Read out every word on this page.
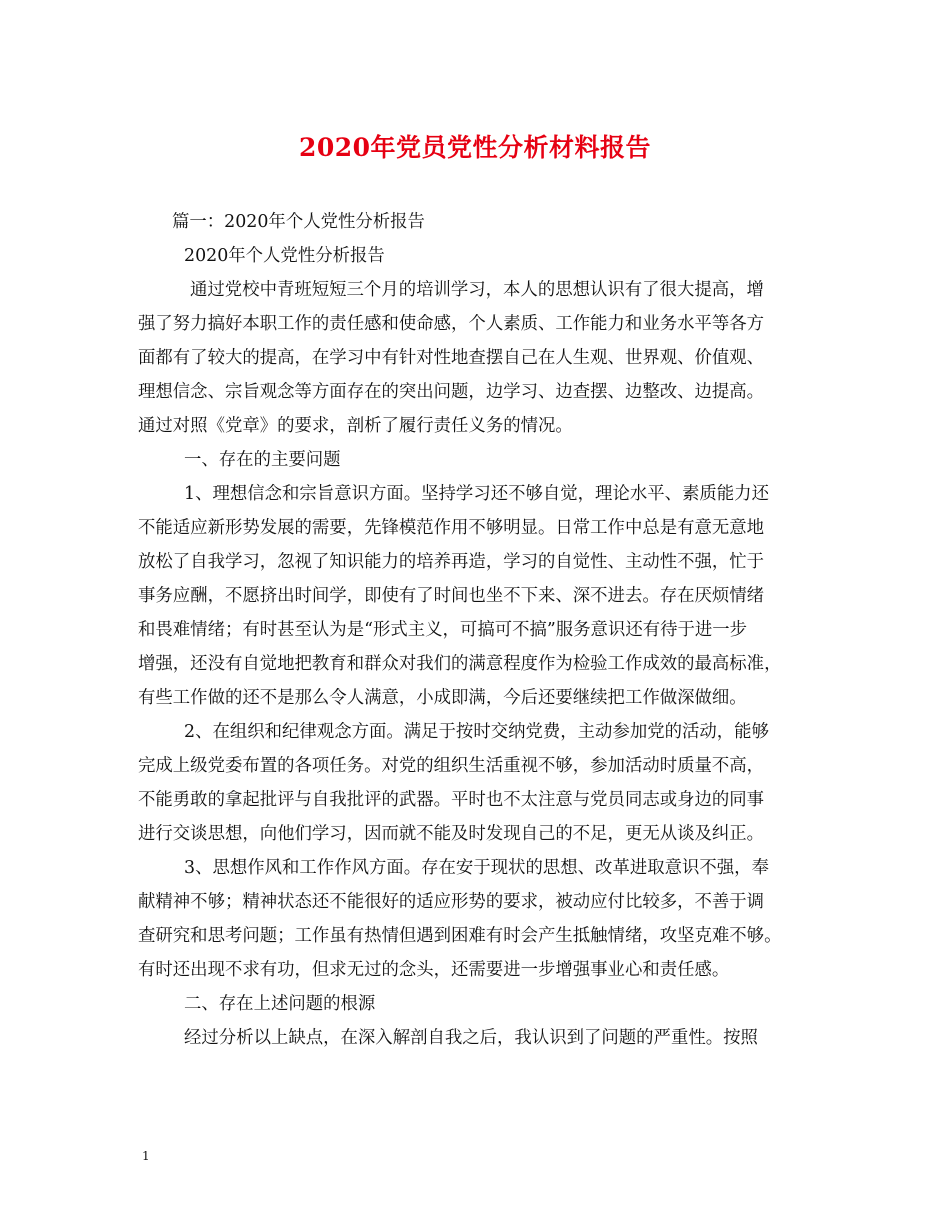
2020年党员党性分析材料报告
篇一：2020年个人党性分析报告
2020年个人党性分析报告
通过党校中青班短短三个月的培训学习，本人的思想认识有了很大提高，增
强了努力搞好本职工作的责任感和使命感，个人素质、工作能力和业务水平等各方
面都有了较大的提高，在学习中有针对性地查摆自己在人生观、世界观、价值观、
理想信念、宗旨观念等方面存在的突出问题，边学习、边查摆、边整改、边提高。
通过对照《党章》的要求，剖析了履行责任义务的情况。
一、存在的主要问题
1、理想信念和宗旨意识方面。坚持学习还不够自觉，理论水平、素质能力还
不能适应新形势发展的需要，先锋模范作用不够明显。日常工作中总是有意无意地
放松了自我学习，忽视了知识能力的培养再造，学习的自觉性、主动性不强，忙于
事务应酬，不愿挤出时间学，即使有了时间也坐不下来、深不进去。存在厌烦情绪
和畏难情绪；有时甚至认为是“形式主义，可搞可不搞”服务意识还有待于进一步
增强，还没有自觉地把教育和群众对我们的满意程度作为检验工作成效的最高标准，
有些工作做的还不是那么令人满意，小成即满，今后还要继续把工作做深做细。
2、在组织和纪律观念方面。满足于按时交纳党费，主动参加党的活动，能够
完成上级党委布置的各项任务。对党的组织生活重视不够，参加活动时质量不高，
不能勇敢的拿起批评与自我批评的武器。平时也不太注意与党员同志或身边的同事
进行交谈思想，向他们学习，因而就不能及时发现自己的不足，更无从谈及纠正。
3、思想作风和工作作风方面。存在安于现状的思想、改革进取意识不强，奉
献精神不够；精神状态还不能很好的适应形势的要求，被动应付比较多，不善于调
查研究和思考问题；工作虽有热情但遇到困难有时会产生抵触情绪，攻坚克难不够。
有时还出现不求有功，但求无过的念头，还需要进一步增强事业心和责任感。
二、存在上述问题的根源
经过分析以上缺点，在深入解剖自我之后，我认识到了问题的严重性。按照
1
